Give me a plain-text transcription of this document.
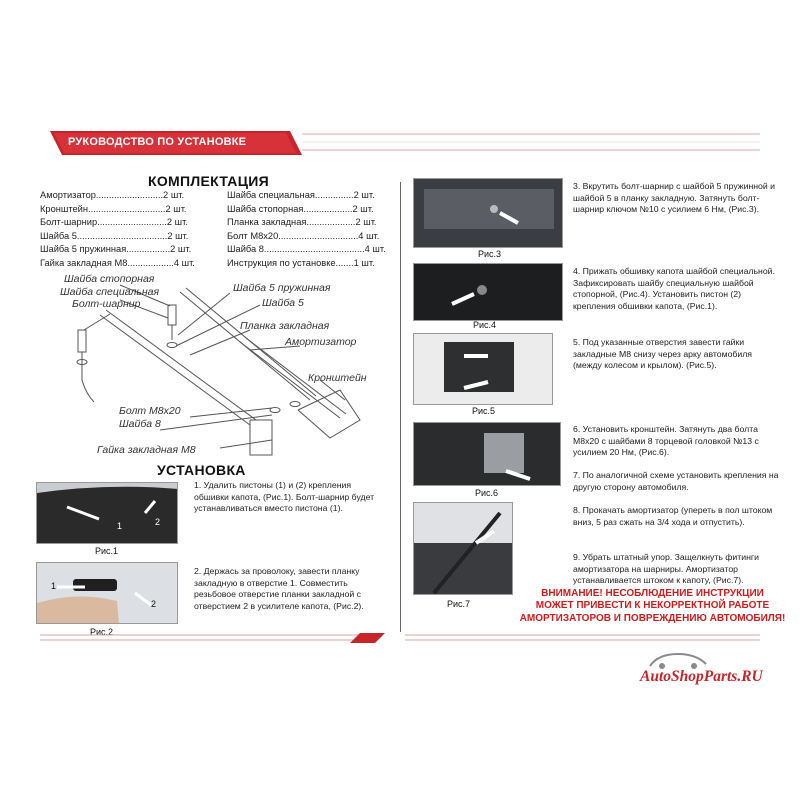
РУКОВОДСТВО ПО УСТАНОВКЕ
КОМПЛЕКТАЦИЯ
Амортизатор..........................2 шт.
Кронштейн..............................2 шт.
Болт-шарнир...........................2 шт.
Шайба 5...................................2 шт.
Шайба 5 пружинная.................2 шт.
Гайка закладная М8..................4 шт.
Шайба специальная...............2 шт.
Шайба стопорная...................2 шт.
Планка закладная...................2 шт.
Болт М8х20...............................4 шт.
Шайба 8.......................................4 шт.
Инструкция по установке.......1 шт.
Шайба стопорная
Шайба специальная
Болт-шарнир
Шайба 5 пружинная
Шайба 5
Планка закладная
Амортизатор
Кронштейн
Болт М8х20
Шайба 8
Гайка закладная М8
УСТАНОВКА
1	2
Рис.1
1. Удалить пистоны (1) и (2) крепления обшивки капота, (Рис.1). Болт-шарнир будет устанавливаться вместо пистона (1).
1
2
Рис.2
2. Держась за проволоку, завести планку закладную в отверстие 1. Совместить резьбовое отверстие планки закладной с отверстием 2 в усилителе капота, (Рис.2).
Рис.3
3. Вкрутить болт-шарнир с шайбой 5 пружинной и шайбой 5 в планку закладную. Затянуть болт-шарнир ключом №10 с усилием 6 Нм, (Рис.3).
Рис.4
4. Прижать обшивку капота шайбой специальной. Зафиксировать шайбу специальную шайбой стопорной, (Рис.4). Установить пистон (2) крепления обшивки капота, (Рис.1).
Рис.5
5. Под указанные отверстия завести гайки закладные М8 снизу через арку автомобиля (между колесом и крылом). (Рис.5).
Рис.6
6. Установить кронштейн. Затянуть два болта М8х20 с шайбами 8 торцевой головкой №13 с усилием 20 Нм, (Рис.6).
7. По аналогичной схеме установить крепления на другую сторону автомобиля.
8. Прокачать амортизатор (упереть в пол штоком вниз, 5 раз сжать на 3/4 хода и отпустить).
9. Убрать штатный упор. Защелкнуть фитинги амортизатора на шарниры. Амортизатор устанавливается штоком к капоту, (Рис.7).
Рис.7
ВНИМАНИЕ! НЕСОБЛЮДЕНИЕ ИНСТРУКЦИИ
МОЖЕТ ПРИВЕСТИ К НЕКОРРЕКТНОЙ РАБОТЕ
АМОРТИЗАТОРОВ И ПОВРЕЖДЕНИЮ АВТОМОБИЛЯ!
AutoShopParts.RU
